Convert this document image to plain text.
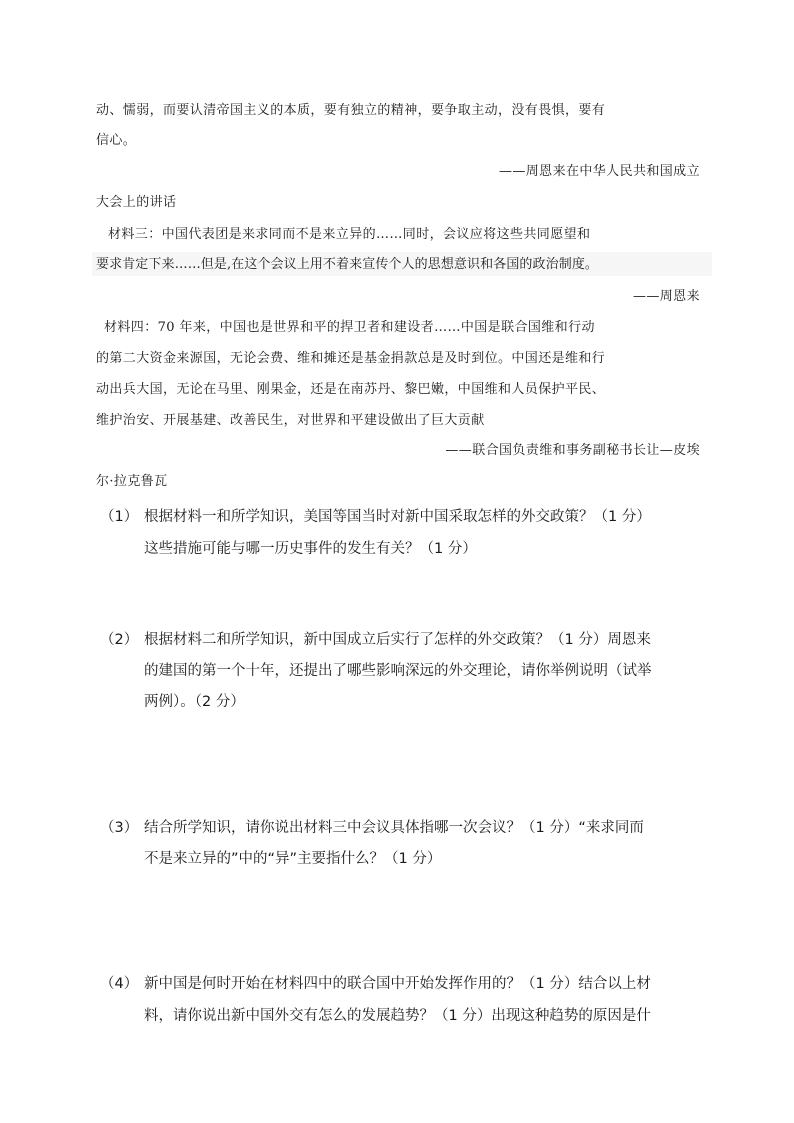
动、懦弱，而要认清帝国主义的本质，要有独立的精神，要争取主动，没有畏惧，要有
信心。
——周恩来在中华人民共和国成立
大会上的讲话
材料三：中国代表团是来求同而不是来立异的……同时，会议应将这些共同愿望和
要求肯定下来……但是,在这个会议上用不着来宣传个人的思想意识和各国的政治制度。
——周恩来
材料四：70 年来，中国也是世界和平的捍卫者和建设者……中国是联合国维和行动
的第二大资金来源国，无论会费、维和摊还是基金捐款总是及时到位。中国还是维和行
动出兵大国，无论在马里、刚果金，还是在南苏丹、黎巴嫩，中国维和人员保护平民、
维护治安、开展基建、改善民生，对世界和平建设做出了巨大贡献
——联合国负责维和事务副秘书长让—皮埃
尔·拉克鲁瓦
（1） 根据材料一和所学知识，美国等国当时对新中国采取怎样的外交政策？（1 分）
这些措施可能与哪一历史事件的发生有关？（1 分）
（2） 根据材料二和所学知识，新中国成立后实行了怎样的外交政策？（1 分）周恩来
的建国的第一个十年，还提出了哪些影响深远的外交理论，请你举例说明（试举
两例）。（2 分）
（3） 结合所学知识，请你说出材料三中会议具体指哪一次会议？（1 分）“来求同而
不是来立异的”中的“异”主要指什么？（1 分）
（4） 新中国是何时开始在材料四中的联合国中开始发挥作用的？（1 分）结合以上材
料，请你说出新中国外交有怎么的发展趋势？（1 分）出现这种趋势的原因是什
